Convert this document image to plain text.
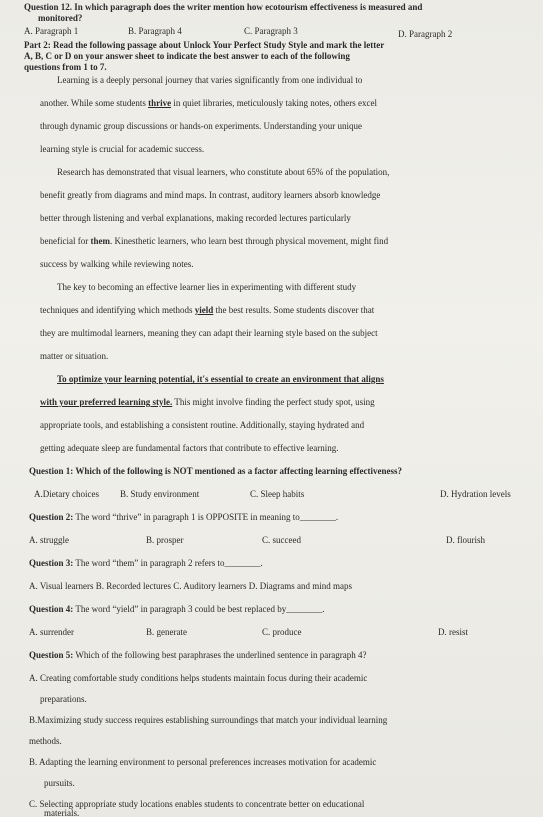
Question 12. In which paragraph does the writer mention how ecotourism effectiveness is measured and
monitored?
A. Paragraph 1	B. Paragraph 4	C. Paragraph 3	D. Paragraph 2
Part 2: Read the following passage about Unlock Your Perfect Study Style and mark the letter
A, B, C or D on your answer sheet to indicate the best answer to each of the following
questions from 1 to 7.
Learning is a deeply personal journey that varies significantly from one individual to
another. While some students thrive in quiet libraries, meticulously taking notes, others excel
through dynamic group discussions or hands-on experiments. Understanding your unique
learning style is crucial for academic success.
Research has demonstrated that visual learners, who constitute about 65% of the population,
benefit greatly from diagrams and mind maps. In contrast, auditory learners absorb knowledge
better through listening and verbal explanations, making recorded lectures particularly
beneficial for them. Kinesthetic learners, who learn best through physical movement, might find
success by walking while reviewing notes.
The key to becoming an effective learner lies in experimenting with different study
techniques and identifying which methods yield the best results. Some students discover that
they are multimodal learners, meaning they can adapt their learning style based on the subject
matter or situation.
To optimize your learning potential, it's essential to create an environment that aligns
with your preferred learning style. This might involve finding the perfect study spot, using
appropriate tools, and establishing a consistent routine. Additionally, staying hydrated and
getting adequate sleep are fundamental factors that contribute to effective learning.
Question 1: Which of the following is NOT mentioned as a factor affecting learning effectiveness?
A.Dietary choices B. Study environment	C. Sleep habits	D. Hydration levels
Question 2: The word “thrive” in paragraph 1 is OPPOSITE in meaning to________.
A. struggle	B. prosper	C. succeed	D. flourish
Question 3: The word “them” in paragraph 2 refers to________.
A. Visual learners B. Recorded lectures C. Auditory learners D. Diagrams and mind maps
Question 4: The word “yield” in paragraph 3 could be best replaced by________.
A. surrender	B. generate	C. produce	D. resist
Question 5: Which of the following best paraphrases the underlined sentence in paragraph 4?
A. Creating comfortable study conditions helps students maintain focus during their academic
preparations.
B.Maximizing study success requires establishing surroundings that match your individual learning
methods.
B. Adapting the learning environment to personal preferences increases motivation for academic
pursuits.
C. Selecting appropriate study locations enables students to concentrate better on educational
materials.
